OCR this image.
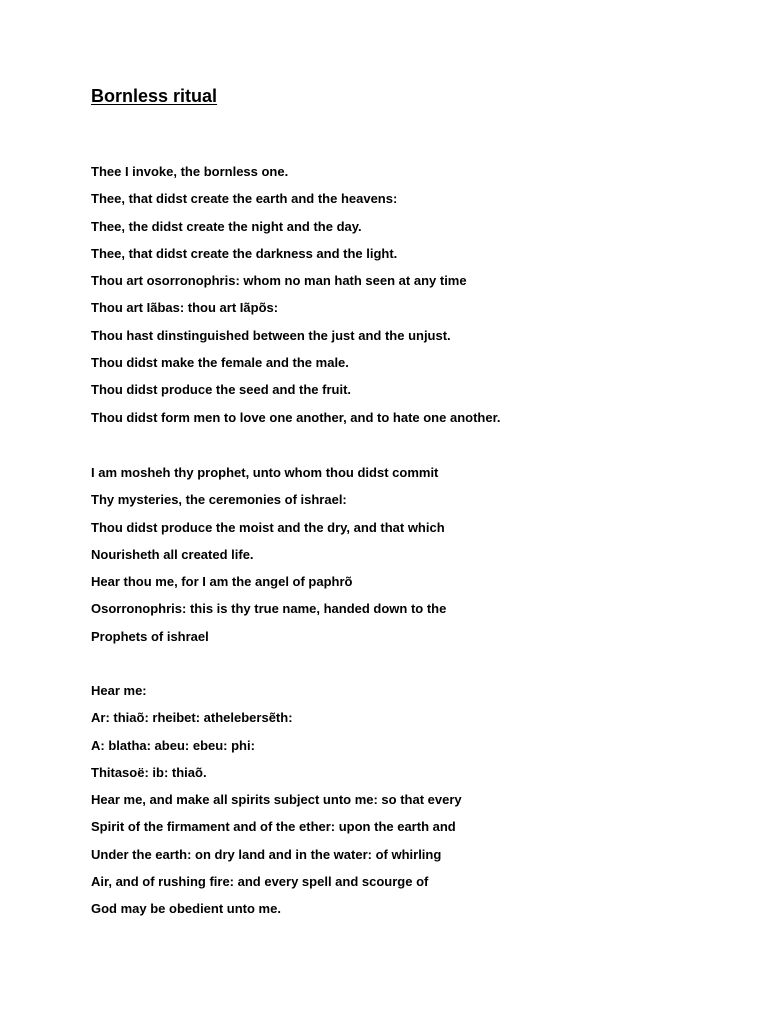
Bornless ritual
Thee I invoke, the bornless one.
Thee, that didst create the earth and the heavens:
Thee, the didst create the night and the day.
Thee, that didst create the darkness and the light.
Thou art osorronophris: whom no man hath seen at any time
Thou art Iãbas: thou art Iãpõs:
Thou hast dinstinguished between the just and the unjust.
Thou didst make the female and the male.
Thou didst produce the seed and the fruit.
Thou didst form men to love one another, and to hate one another.
I am mosheh thy prophet, unto whom thou didst commit
Thy mysteries, the ceremonies of ishrael:
Thou didst produce the moist and the dry, and that which
Nourisheth all created life.
Hear thou me, for I am the angel of paphrõ
Osorronophris: this is thy true name, handed down to the
Prophets of ishrael
Hear me:
Ar: thiaõ: rheibet: athelebersẽth:
A: blatha: abeu: ebeu: phi:
Thitasoë: ib: thiaõ.
Hear me, and make all spirits subject unto me: so that every
Spirit of the firmament and of the ether: upon the earth and
Under the earth: on dry land and in the water: of whirling
Air, and of rushing fire: and every spell and scourge of
God may be obedient unto me.
